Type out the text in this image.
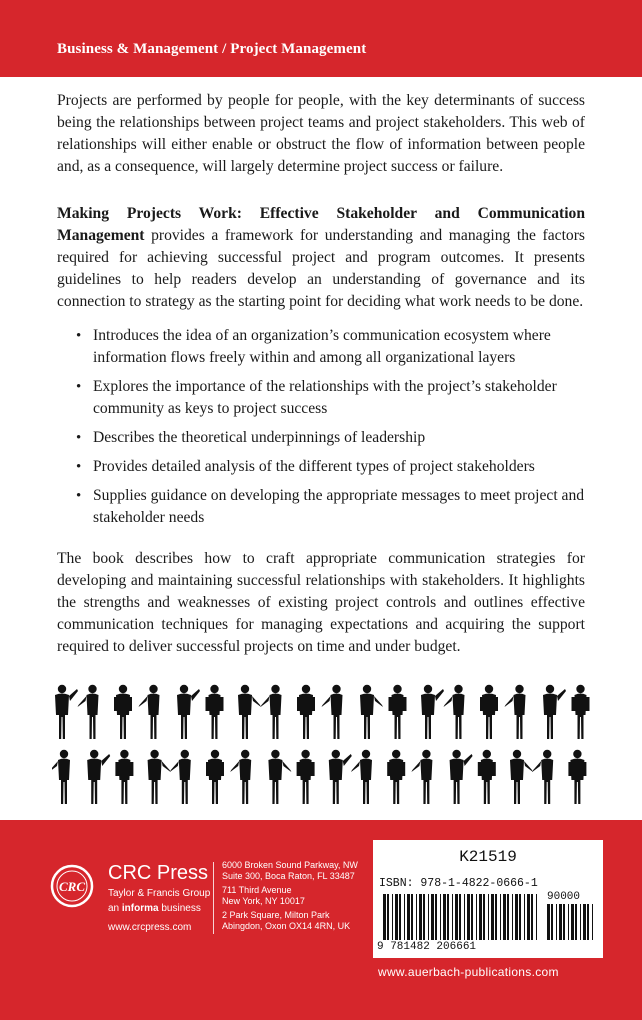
Business & Management / Project Management

Projects are performed by people for people, with the key determinants of success being the relationships between project teams and project stakeholders. This web of relationships will either enable or obstruct the flow of information between people and, as a consequence, will largely determine project success or failure.

Making Projects Work: Effective Stakeholder and Communication Management provides a framework for understanding and managing the factors required for achieving successful project and program outcomes. It presents guidelines to help readers develop an understanding of governance and its connection to strategy as the starting point for deciding what work needs to be done.

• Introduces the idea of an organization’s communication ecosystem where information flows freely within and among all organizational layers
• Explores the importance of the relationships with the project’s stakeholder community as keys to project success
• Describes the theoretical underpinnings of leadership
• Provides detailed analysis of the different types of project stakeholders
• Supplies guidance on developing the appropriate messages to meet project and stakeholder needs

The book describes how to craft appropriate communication strategies for developing and maintaining successful relationships with stakeholders. It highlights the strengths and weaknesses of existing project controls and outlines effective communication techniques for managing expectations and acquiring the support required to deliver successful projects on time and under budget.

CRC
CRC Press
Taylor & Francis Group
an informa business
www.crcpress.com
6000 Broken Sound Parkway, NW
Suite 300, Boca Raton, FL 33487
711 Third Avenue
New York, NY 10017
2 Park Square, Milton Park
Abingdon, Oxon OX14 4RN, UK
K21519
ISBN: 978-1-4822-0666-1
90000
9 781482 206661
www.auerbach-publications.com
